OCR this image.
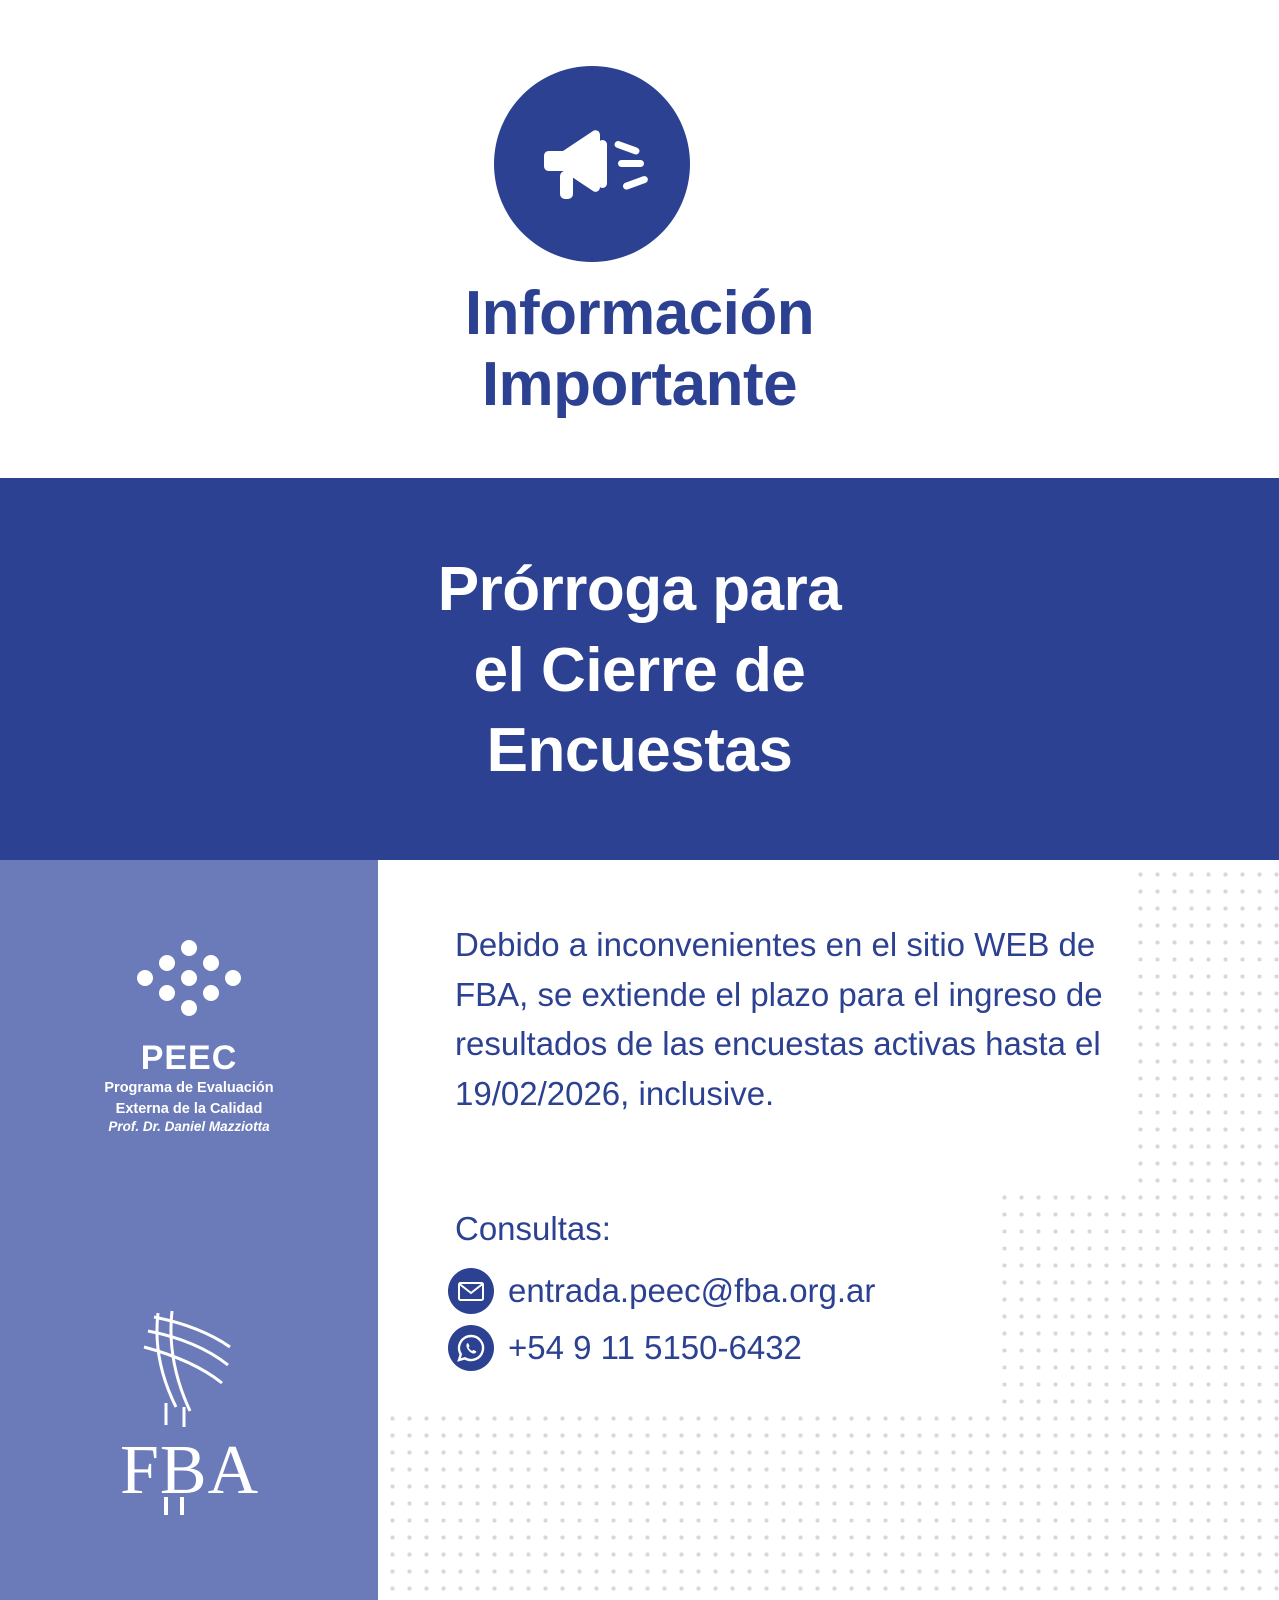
Información
Importante
Prórroga para
el Cierre de
Encuestas
PEEC
Programa de Evaluación
Externa de la Calidad
Prof. Dr. Daniel Mazziotta
FBA
Debido a inconvenientes en el sitio WEB de FBA, se extiende el plazo para el ingreso de resultados de las encuestas activas hasta el 19/02/2026, inclusive.
Consultas:
entrada.peec@fba.org.ar
+54 9 11 5150-6432
